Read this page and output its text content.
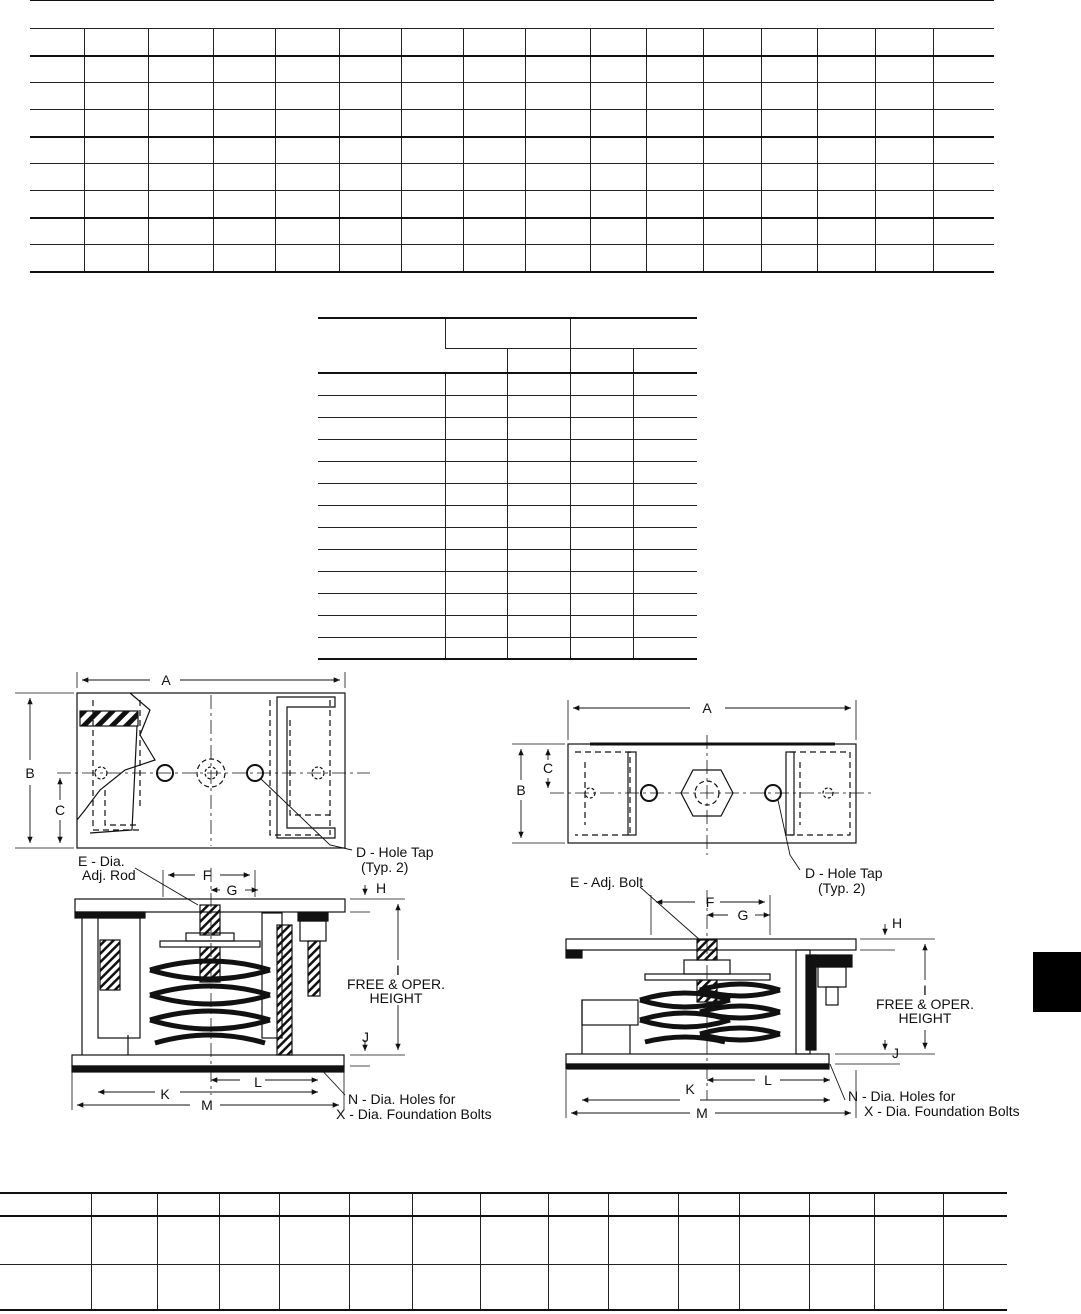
A
B
C
D - Hole Tap
(Typ. 2)
E - Dia.
Adj. Rod	F
G	H
I
FREE & OPER.
HEIGHT
J
K
L
M	N - Dia. Holes for
X - Dia. Foundation Bolts
A
B
C
D - Hole Tap
(Typ. 2)
E - Adj. Bolt
F
G	H
I
FREE & OPER.
HEIGHT
J
K
L
M
N - Dia. Holes for
X - Dia. Foundation Bolts
